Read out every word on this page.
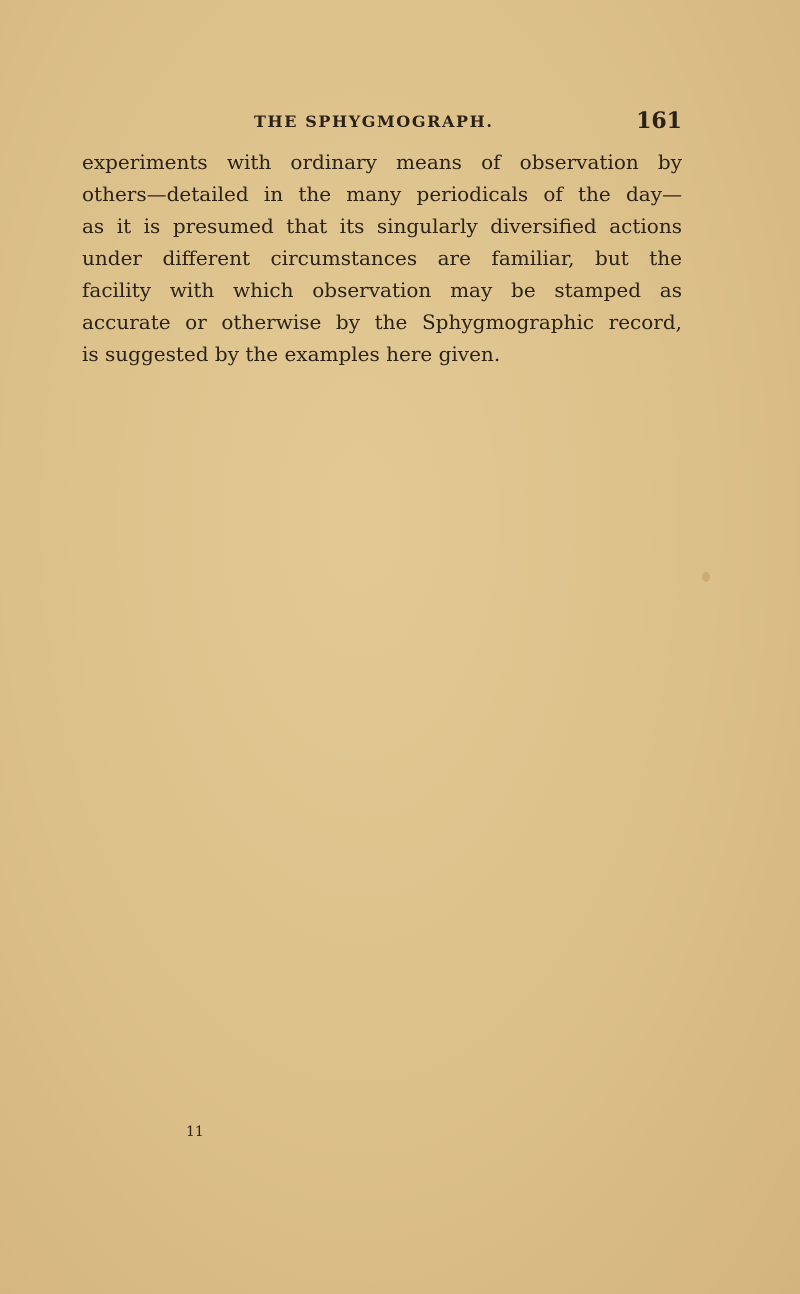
THE SPHYGMOGRAPH.	161
experiments with ordinary means of observation by
others—detailed in the many periodicals of the day—
as it is presumed that its singularly diversified actions
under different circumstances are familiar, but the
facility with which observation may be stamped as
accurate or otherwise by the Sphygmographic record,
is suggested by the examples here given.
11
